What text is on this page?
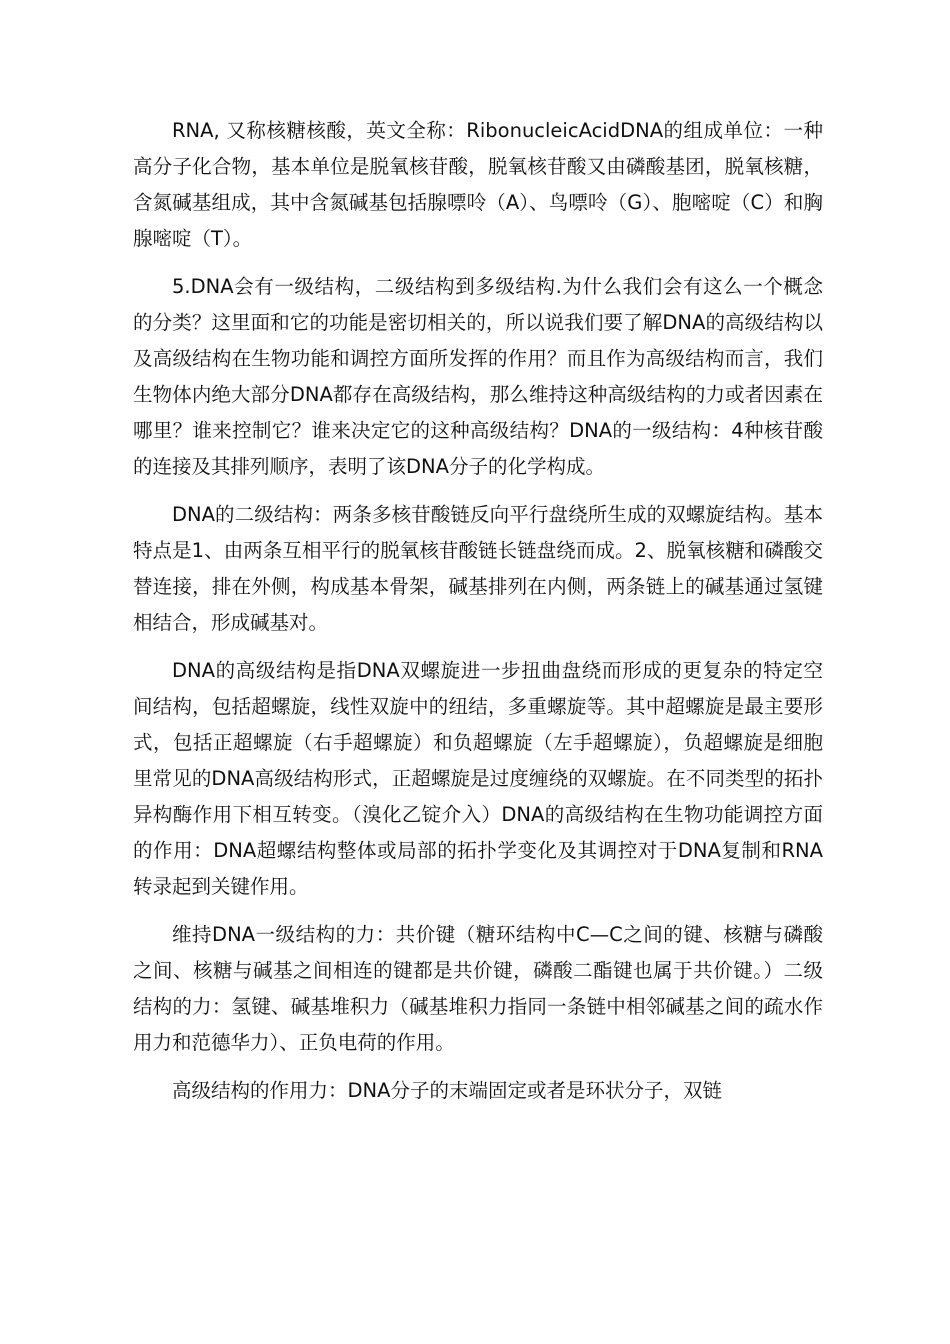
RNA, 又称核糖核酸，英文全称：RibonucleicAcidDNA的组成单位：一种高分子化合物，基本单位是脱氧核苷酸，脱氧核苷酸又由磷酸基团，脱氧核糖，含氮碱基组成，其中含氮碱基包括腺嘌呤（A）、鸟嘌呤（G）、胞嘧啶（C）和胸腺嘧啶（T）。

5.DNA会有一级结构，二级结构到多级结构.为什么我们会有这么一个概念的分类？这里面和它的功能是密切相关的，所以说我们要了解DNA的高级结构以及高级结构在生物功能和调控方面所发挥的作用？而且作为高级结构而言，我们生物体内绝大部分DNA都存在高级结构，那么维持这种高级结构的力或者因素在哪里？谁来控制它？谁来决定它的这种高级结构？DNA的一级结构：4种核苷酸的连接及其排列顺序，表明了该DNA分子的化学构成。

DNA的二级结构：两条多核苷酸链反向平行盘绕所生成的双螺旋结构。基本特点是1、由两条互相平行的脱氧核苷酸链长链盘绕而成。2、脱氧核糖和磷酸交替连接，排在外侧，构成基本骨架，碱基排列在内侧，两条链上的碱基通过氢键相结合，形成碱基对。

DNA的高级结构是指DNA双螺旋进一步扭曲盘绕而形成的更复杂的特定空间结构，包括超螺旋，线性双旋中的纽结，多重螺旋等。其中超螺旋是最主要形式，包括正超螺旋（右手超螺旋）和负超螺旋（左手超螺旋），负超螺旋是细胞里常见的DNA高级结构形式，正超螺旋是过度缠绕的双螺旋。在不同类型的拓扑异构酶作用下相互转变。（溴化乙锭介入）DNA的高级结构在生物功能调控方面的作用：DNA超螺结构整体或局部的拓扑学变化及其调控对于DNA复制和RNA转录起到关键作用。

维持DNA一级结构的力：共价键（糖环结构中C—C之间的键、核糖与磷酸之间、核糖与碱基之间相连的键都是共价键，磷酸二酯键也属于共价键。）二级结构的力：氢键、碱基堆积力（碱基堆积力指同一条链中相邻碱基之间的疏水作用力和范德华力）、正负电荷的作用。

高级结构的作用力：DNA分子的末端固定或者是环状分子，双链
